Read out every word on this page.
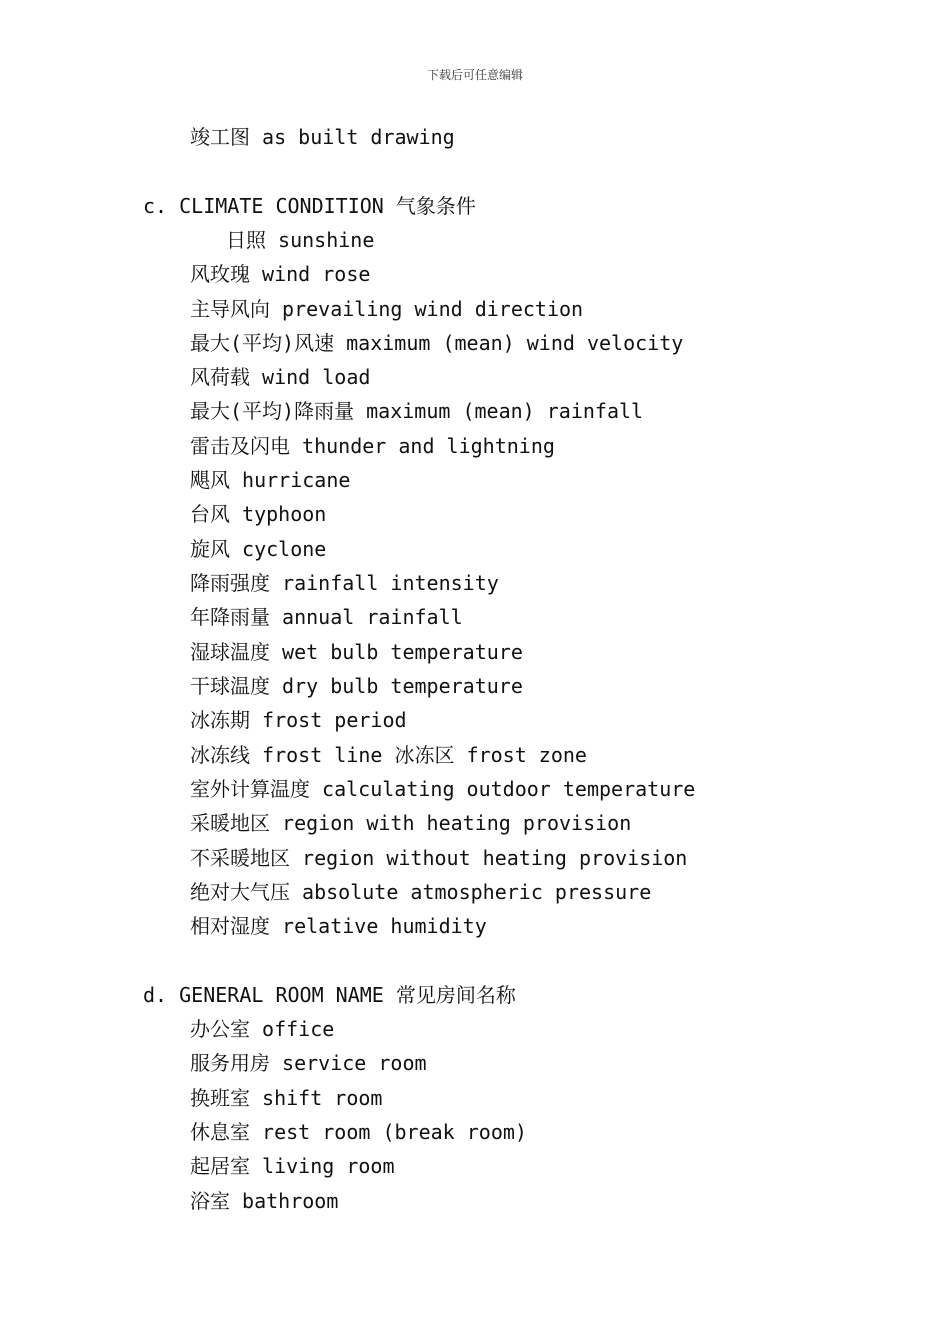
下载后可任意编辑
竣工图 as built drawing
c. CLIMATE CONDITION 气象条件
日照 sunshine
风玫瑰 wind rose
主导风向 prevailing wind direction
最大(平均)风速 maximum (mean) wind velocity
风荷载 wind load
最大(平均)降雨量 maximum (mean) rainfall
雷击及闪电 thunder and lightning
飓风 hurricane
台风 typhoon
旋风 cyclone
降雨强度 rainfall intensity
年降雨量 annual rainfall
湿球温度 wet bulb temperature
干球温度 dry bulb temperature
冰冻期 frost period
冰冻线 frost line 冰冻区 frost zone
室外计算温度 calculating outdoor temperature
采暖地区 region with heating provision
不采暖地区 region without heating provision
绝对大气压 absolute atmospheric pressure
相对湿度 relative humidity
d. GENERAL ROOM NAME 常见房间名称
办公室 office
服务用房 service room
换班室 shift room
休息室 rest room (break room)
起居室 living room
浴室 bathroom
